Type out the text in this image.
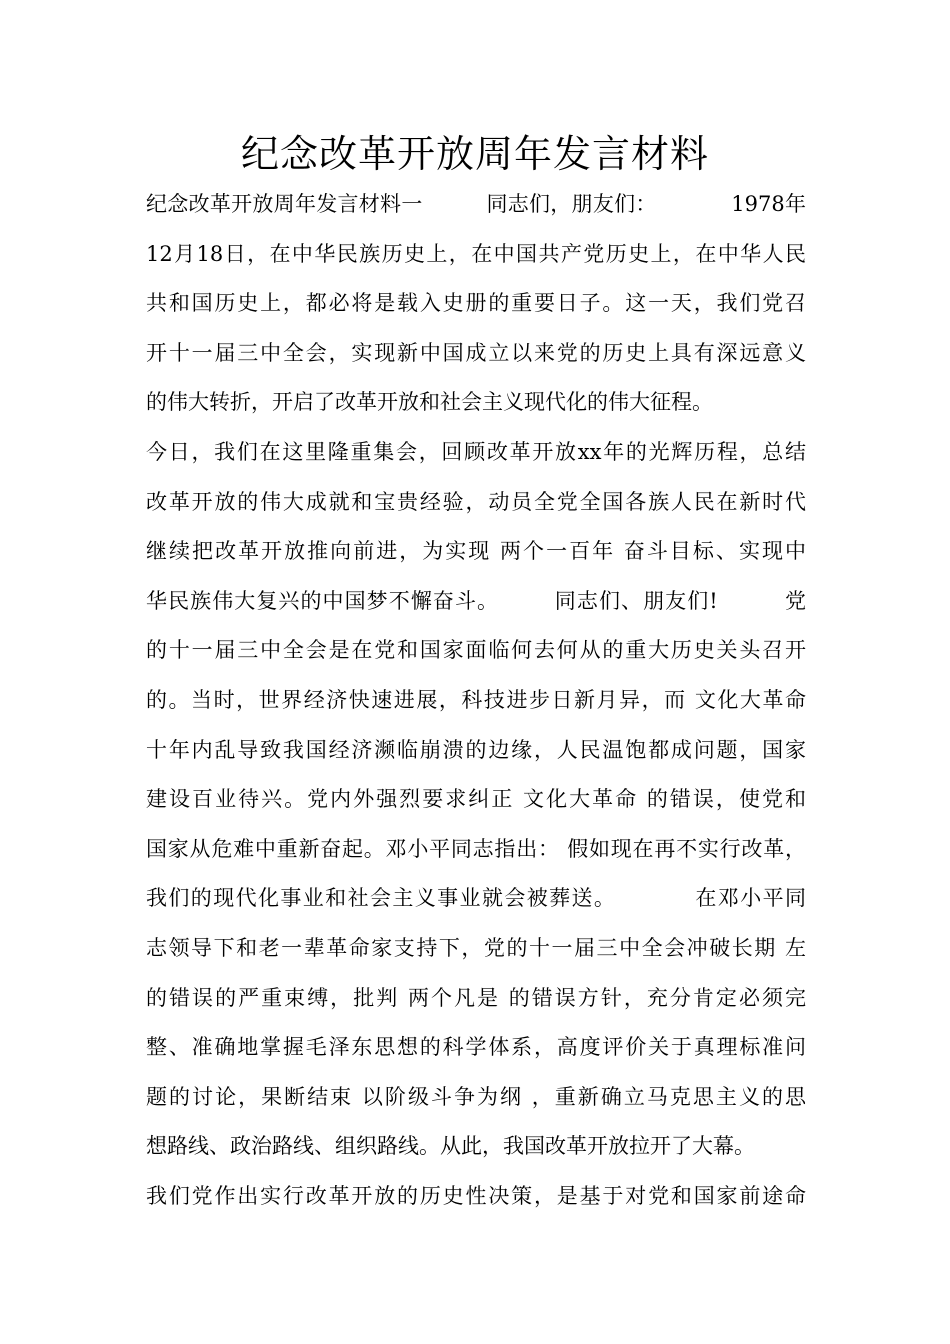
纪念改革开放周年发言材料
纪念改革开放周年发言材料一　　　同志们，朋友们：　　　　1978年
12月18日，在中华民族历史上，在中国共产党历史上，在中华人民
共和国历史上，都必将是载入史册的重要日子。这一天，我们党召
开十一届三中全会，实现新中国成立以来党的历史上具有深远意义
的伟大转折，开启了改革开放和社会主义现代化的伟大征程。
今日，我们在这里隆重集会，回顾改革开放xx年的光辉历程，总结
改革开放的伟大成就和宝贵经验，动员全党全国各族人民在新时代
继续把改革开放推向前进，为实现 两个一百年 奋斗目标、实现中
华民族伟大复兴的中国梦不懈奋斗。　　　同志们、朋友们!　　　党
的十一届三中全会是在党和国家面临何去何从的重大历史关头召开
的。当时，世界经济快速进展，科技进步日新月异，而 文化大革命
十年内乱导致我国经济濒临崩溃的边缘，人民温饱都成问题，国家
建设百业待兴。党内外强烈要求纠正 文化大革命 的错误，使党和
国家从危难中重新奋起。邓小平同志指出： 假如现在再不实行改革，
我们的现代化事业和社会主义事业就会被葬送。　　　　在邓小平同
志领导下和老一辈革命家支持下，党的十一届三中全会冲破长期 左
的错误的严重束缚，批判 两个凡是 的错误方针，充分肯定必须完
整、准确地掌握毛泽东思想的科学体系，高度评价关于真理标准问
题的讨论，果断结束 以阶级斗争为纲 ，重新确立马克思主义的思
想路线、政治路线、组织路线。从此，我国改革开放拉开了大幕。
我们党作出实行改革开放的历史性决策，是基于对党和国家前途命
